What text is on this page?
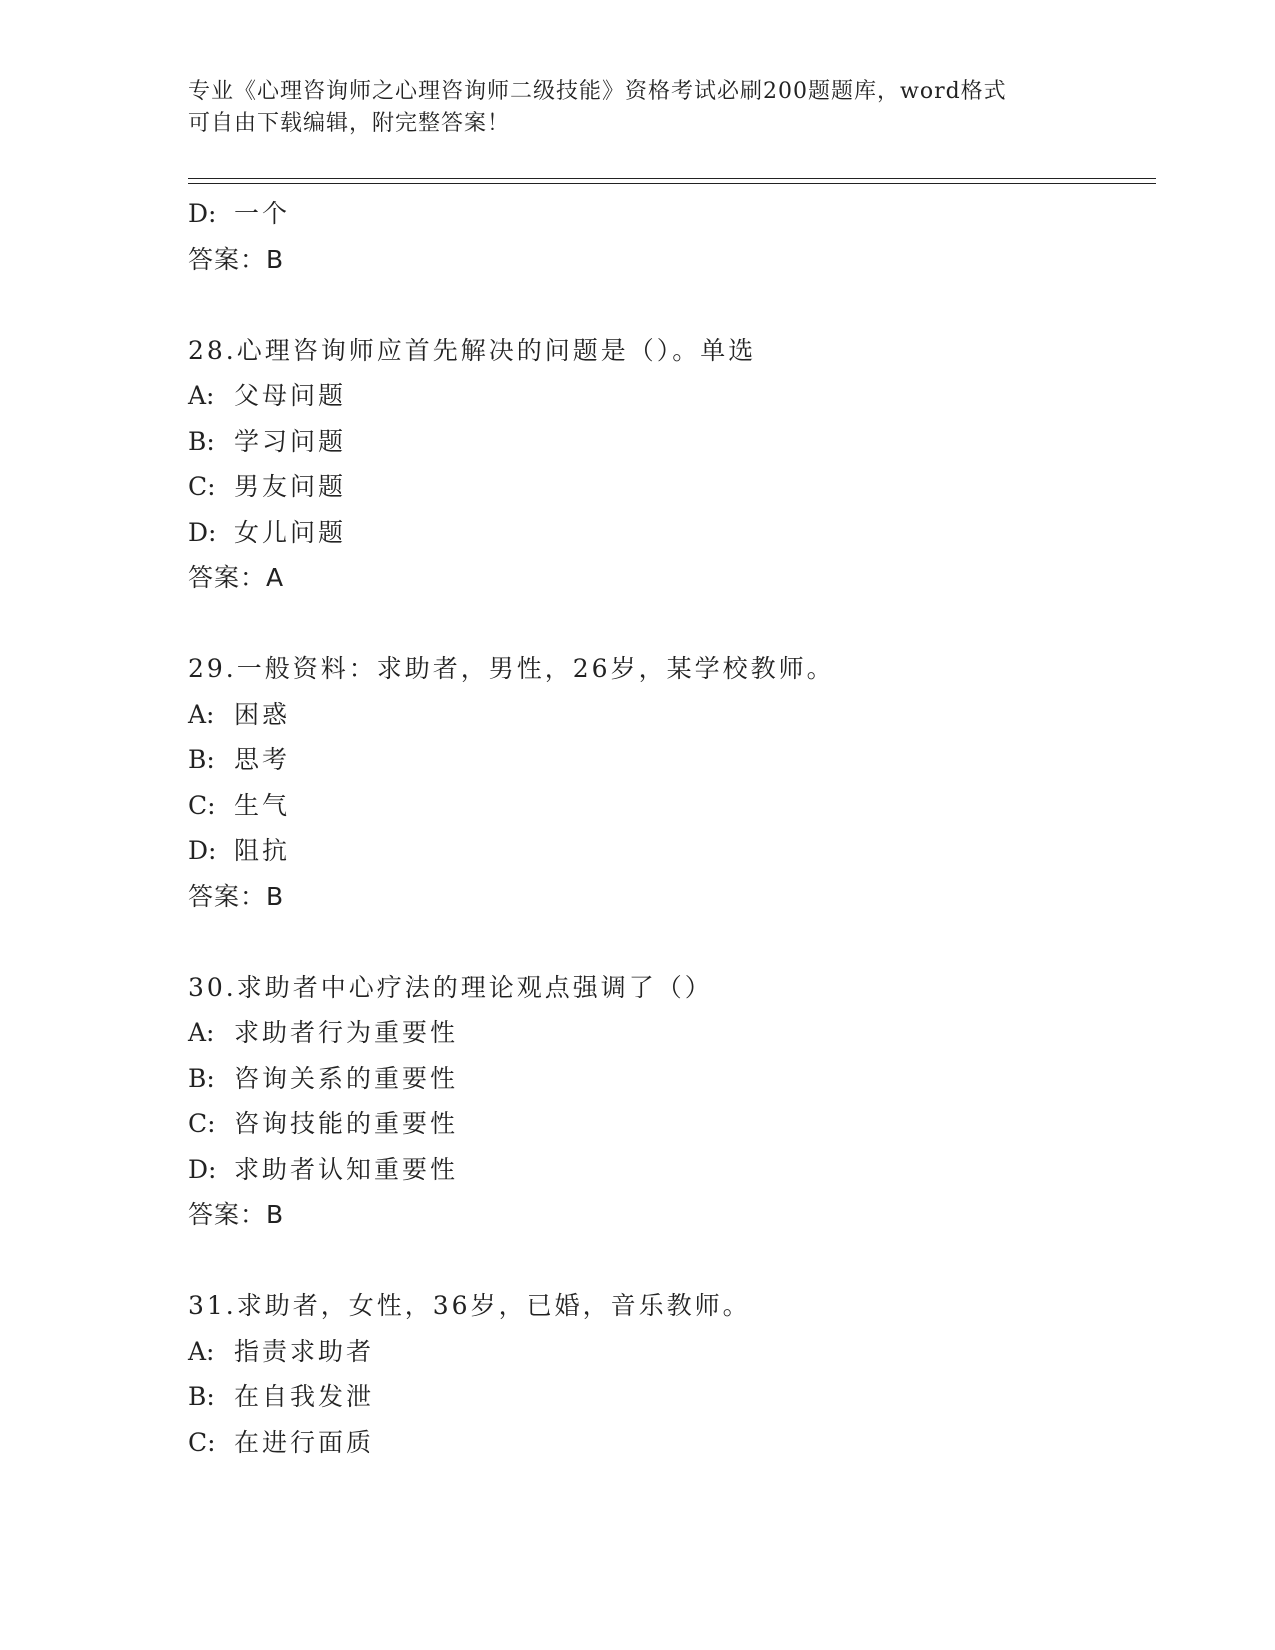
专业《心理咨询师之心理咨询师二级技能》资格考试必刷200题题库，word格式
可自由下载编辑，附完整答案！
D: 一个
答案：B
28.心理咨询师应首先解决的问题是（）。单选
A: 父母问题
B: 学习问题
C: 男友问题
D: 女儿问题
答案：A
29.一般资料：求助者，男性，26岁，某学校教师。
A: 困惑
B: 思考
C: 生气
D: 阻抗
答案：B
30.求助者中心疗法的理论观点强调了（）
A: 求助者行为重要性
B: 咨询关系的重要性
C: 咨询技能的重要性
D: 求助者认知重要性
答案：B
31.求助者，女性，36岁，已婚，音乐教师。
A: 指责求助者
B: 在自我发泄
C: 在进行面质
